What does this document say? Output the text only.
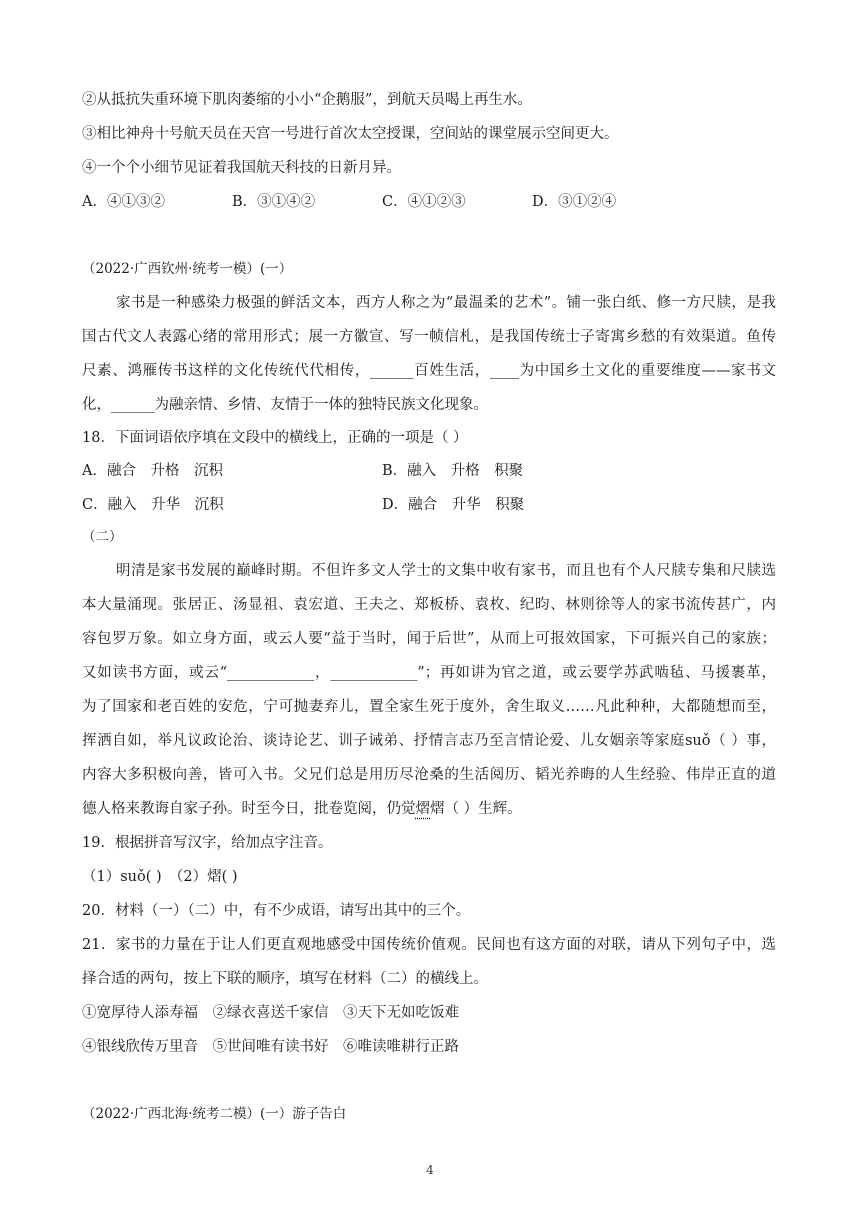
②从抵抗失重环境下肌肉萎缩的小小“企鹅服”，到航天员喝上再生水。
③相比神舟十号航天员在天宫一号进行首次太空授课，空间站的课堂展示空间更大。
④一个个小细节见证着我国航天科技的日新月异。
A．④①③②	B．③①④②	C．④①②③	D．③①②④
（2022·广西钦州·统考一模）(一）
家书是一种感染力极强的鲜活文本，西方人称之为“最温柔的艺术”。铺一张白纸、修一方尺牍，是我
国古代文人表露心绪的常用形式；展一方徽宣、写一帧信札，是我国传统士子寄寓乡愁的有效渠道。鱼传
尺素、鸿雁传书这样的文化传统代代相传，______百姓生活，____为中国乡土文化的重要维度——家书文
化，______为融亲情、乡情、友情于一体的独特民族文化现象。
18．下面词语依序填在文段中的横线上，正确的一项是（ ）
A．融合　升格　沉积	B．融入　升格　积聚
C．融入　升华　沉积	D．融合　升华　积聚
（二）
明清是家书发展的巅峰时期。不但许多文人学士的文集中收有家书，而且也有个人尺牍专集和尺牍选
本大量涌现。张居正、汤显祖、袁宏道、王夫之、郑板桥、袁枚、纪昀、林则徐等人的家书流传甚广，内
容包罗万象。如立身方面，或云人要“益于当时，闻于后世”，从而上可报效国家，下可振兴自己的家族；
又如读书方面，或云“____________，____________”；再如讲为官之道，或云要学苏武啮毡、马援裹革，
为了国家和老百姓的安危，宁可抛妻弃儿，置全家生死于度外，舍生取义……凡此种种，大都随想而至，
挥洒自如，举凡议政论治、谈诗论艺、训子诫弟、抒情言志乃至言情论爱、儿女姻亲等家庭suǒ（ ）事，
内容大多积极向善，皆可入书。父兄们总是用历尽沧桑的生活阅历、韬光养晦的人生经验、伟岸正直的道
德人格来教诲自家子孙。时至今日，批卷览阅，仍觉熠熠（ ）生辉。
19．根据拼音写汉字，给加点字注音。
（1）suǒ( )　（2）熠( )
20．材料（一）（二）中，有不少成语，请写出其中的三个。
21．家书的力量在于让人们更直观地感受中国传统价值观。民间也有这方面的对联，请从下列句子中，选
择合适的两句，按上下联的顺序，填写在材料（二）的横线上。
①宽厚待人添寿福　②绿衣喜送千家信　③天下无如吃饭难
④银线欣传万里音　⑤世间唯有读书好　⑥唯读唯耕行正路
（2022·广西北海·统考二模）(一）游子告白
4
